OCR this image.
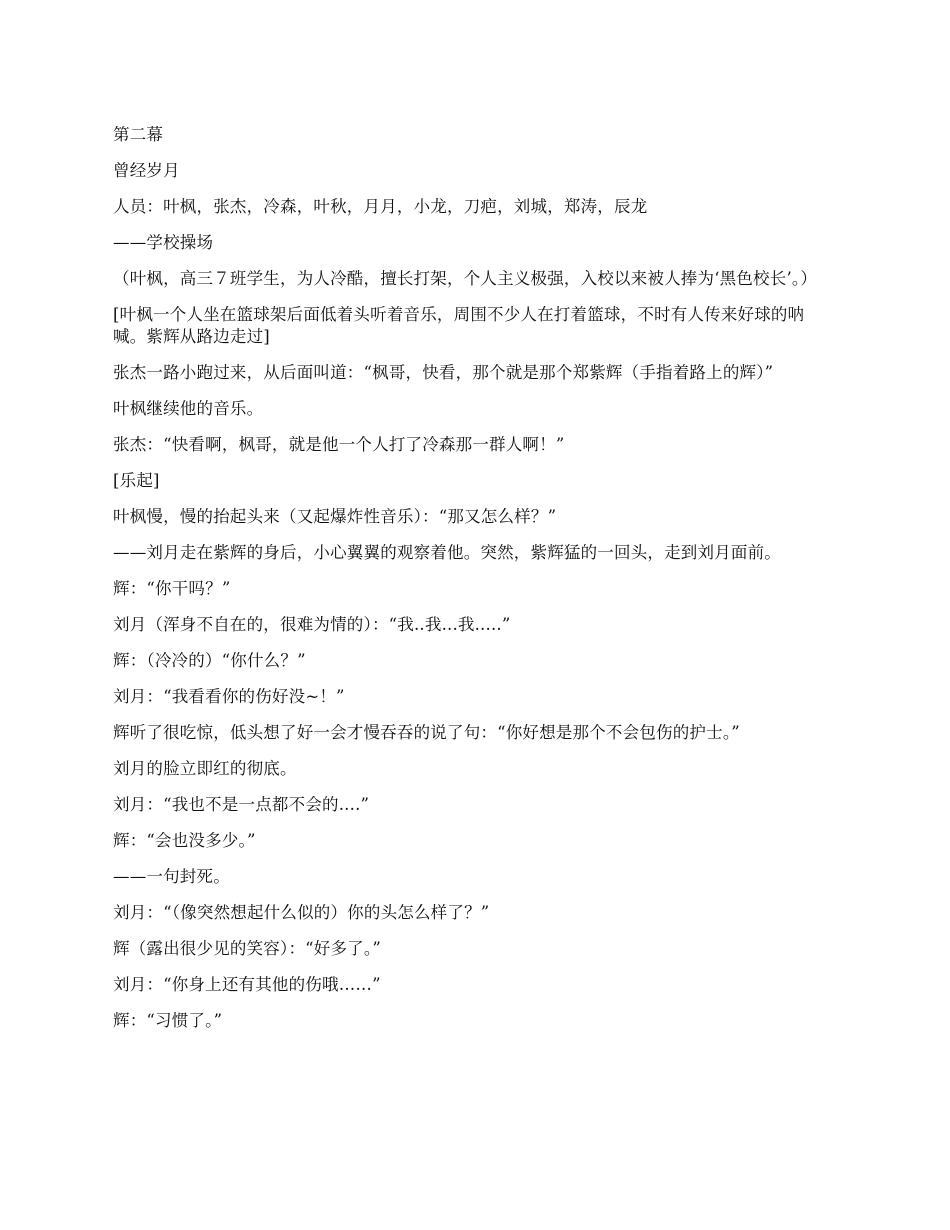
第二幕

曾经岁月

人员：叶枫，张杰，冷森，叶秋，月月，小龙，刀疤，刘城，郑涛，辰龙

——学校操场

（叶枫，高三７班学生，为人冷酷，擅长打架，个人主义极强，入校以来被人捧为‘黑色校长’。）

[叶枫一个人坐在篮球架后面低着头听着音乐，周围不少人在打着篮球，不时有人传来好球的呐喊。紫辉从路边走过]

张杰一路小跑过来，从后面叫道：“枫哥，快看，那个就是那个郑紫辉（手指着路上的辉）”

叶枫继续他的音乐。

张杰：“快看啊，枫哥，就是他一个人打了冷森那一群人啊！”

[乐起]

叶枫慢，慢的抬起头来（又起爆炸性音乐）：“那又怎么样？”

——刘月走在紫辉的身后，小心翼翼的观察着他。突然，紫辉猛的一回头，走到刘月面前。

辉：“你干吗？”

刘月（浑身不自在的，很难为情的）：“我..我...我.....”

辉：（冷冷的）“你什么？”

刘月：“我看看你的伤好没~！”

辉听了很吃惊，低头想了好一会才慢吞吞的说了句：“你好想是那个不会包伤的护士。”

刘月的脸立即红的彻底。

刘月：“我也不是一点都不会的....”

辉：“会也没多少。”

——一句封死。

刘月：“（像突然想起什么似的）你的头怎么样了？”

辉（露出很少见的笑容）：“好多了。”

刘月：“你身上还有其他的伤哦……”

辉：“习惯了。”
